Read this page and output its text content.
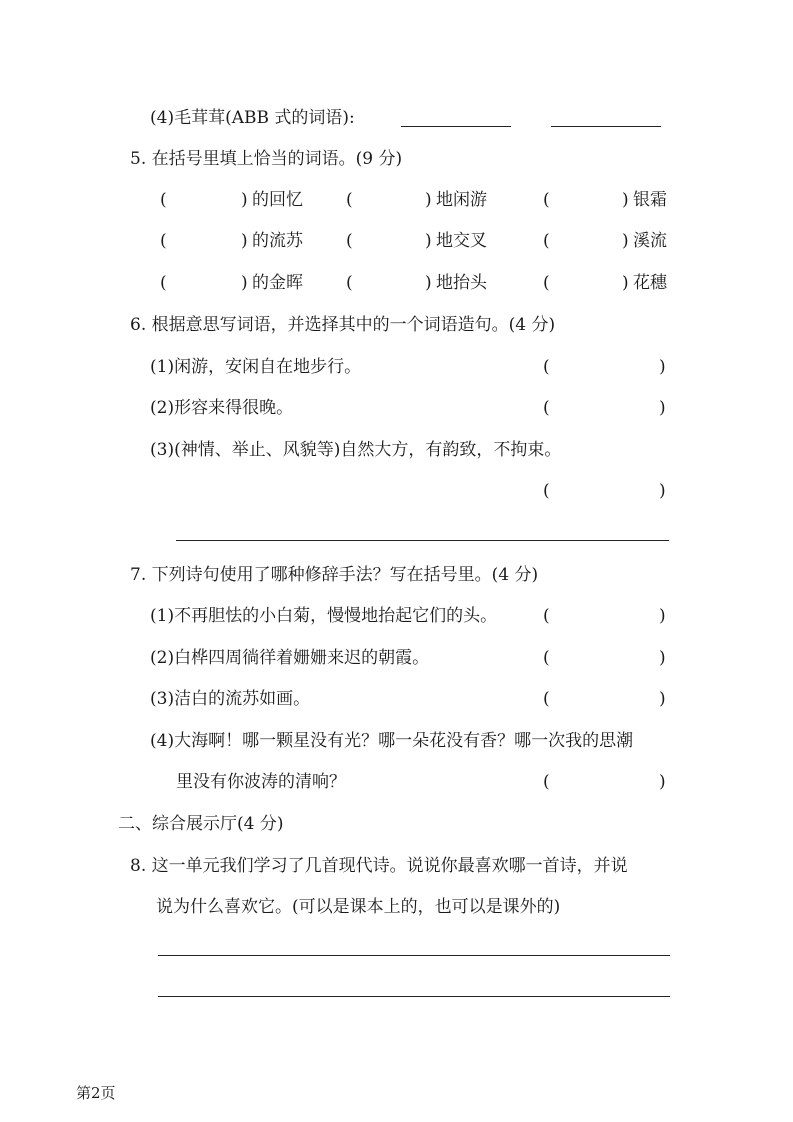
(4)毛茸茸(ABB 式的词语):
5. 在括号里填上恰当的词语。(9 分)
(	) 的回忆	(	) 地闲游	(	) 银霜
(	) 的流苏	(	) 地交叉	(	) 溪流
(	) 的金晖	(	) 地抬头	(	) 花穗
6. 根据意思写词语，并选择其中的一个词语造句。(4 分)
(1)闲游，安闲自在地步行。	(	)
(2)形容来得很晚。	(	)
(3)(神情、举止、风貌等)自然大方，有韵致，不拘束。
(	)
7. 下列诗句使用了哪种修辞手法？写在括号里。(4 分)
(1)不再胆怯的小白菊，慢慢地抬起它们的头。	(	)
(2)白桦四周徜徉着姗姗来迟的朝霞。	(	)
(3)洁白的流苏如画。	(	)
(4)大海啊！哪一颗星没有光？哪一朵花没有香？哪一次我的思潮
里没有你波涛的清响？	(	)
二、综合展示厅(4 分)
8. 这一单元我们学习了几首现代诗。说说你最喜欢哪一首诗，并说
说为什么喜欢它。(可以是课本上的，也可以是课外的)
第2页
